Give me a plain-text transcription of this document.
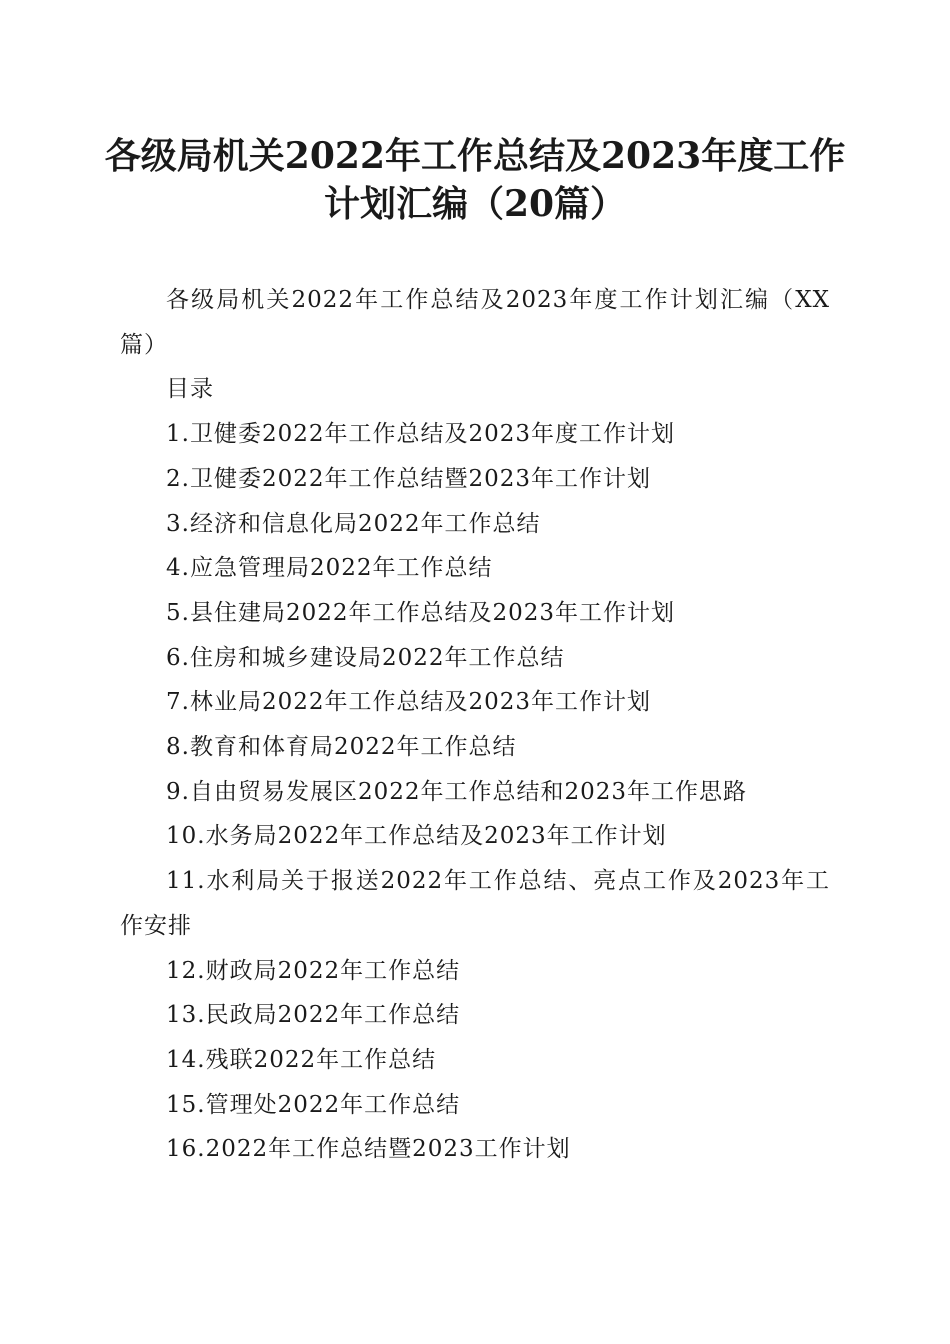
各级局机关2022年工作总结及2023年度工作
计划汇编（20篇）

各级局机关2022年工作总结及2023年度工作计划汇编（XX篇）

目录

1.卫健委2022年工作总结及2023年度工作计划

2.卫健委2022年工作总结暨2023年工作计划

3.经济和信息化局2022年工作总结

4.应急管理局2022年工作总结

5.县住建局2022年工作总结及2023年工作计划

6.住房和城乡建设局2022年工作总结

7.林业局2022年工作总结及2023年工作计划

8.教育和体育局2022年工作总结

9.自由贸易发展区2022年工作总结和2023年工作思路

10.水务局2022年工作总结及2023年工作计划

11.水利局关于报送2022年工作总结、亮点工作及2023年工作安排

12.财政局2022年工作总结

13.民政局2022年工作总结

14.残联2022年工作总结

15.管理处2022年工作总结

16.2022年工作总结暨2023工作计划
